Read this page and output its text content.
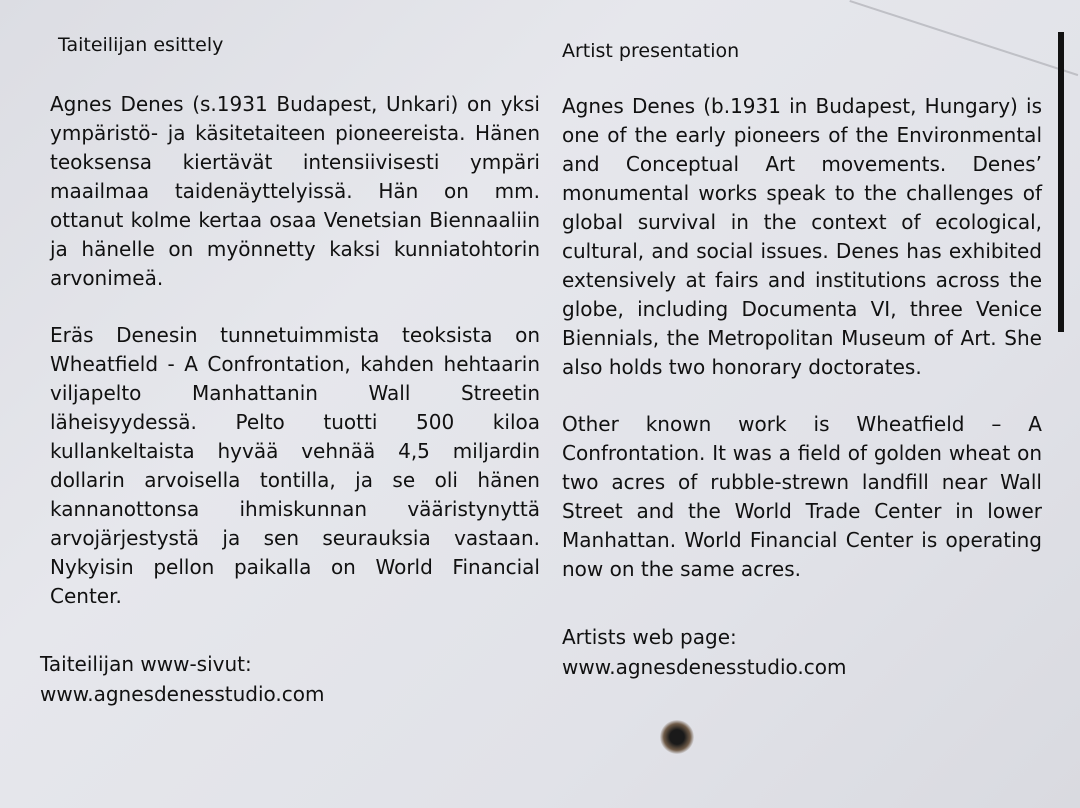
Taiteilijan esittely

Agnes Denes (s.1931 Budapest, Unkari) on yksi ympäristö- ja käsitetaiteen pioneereista. Hänen teoksensa kiertävät intensiivisesti ympäri maailmaa taidenäyttelyissä. Hän on mm. ottanut kolme kertaa osaa Venetsian Biennaaliin ja hänelle on myönnetty kaksi kunniatohtorin arvonimeä.

Eräs Denesin tunnetuimmista teoksista on Wheatfield - A Confrontation, kahden hehtaarin viljapelto Manhattanin Wall Streetin läheisyydessä. Pelto tuotti 500 kiloa kullankeltaista hyvää vehnää 4,5 miljardin dollarin arvoisella tontilla, ja se oli hänen kannanottonsa ihmiskunnan vääristynyttä arvojärjestystä ja sen seurauksia vastaan. Nykyisin pellon paikalla on World Financial Center.

Taiteilijan www-sivut:
www.agnesdenesstudio.com
Artist presentation

Agnes Denes (b.1931 in Budapest, Hungary) is one of the early pioneers of the Environmental and Conceptual Art movements. Denes’ monumental works speak to the challenges of global survival in the context of ecological, cultural, and social issues. Denes has exhibited extensively at fairs and institutions across the globe, including Documenta VI, three Venice Biennials, the Metropolitan Museum of Art. She also holds two honorary doctorates.

Other known work is Wheatfield – A Confrontation. It was a field of golden wheat on two acres of rubble-strewn landfill near Wall Street and the World Trade Center in lower Manhattan. World Financial Center is operating now on the same acres.

Artists web page:
www.agnesdenesstudio.com
